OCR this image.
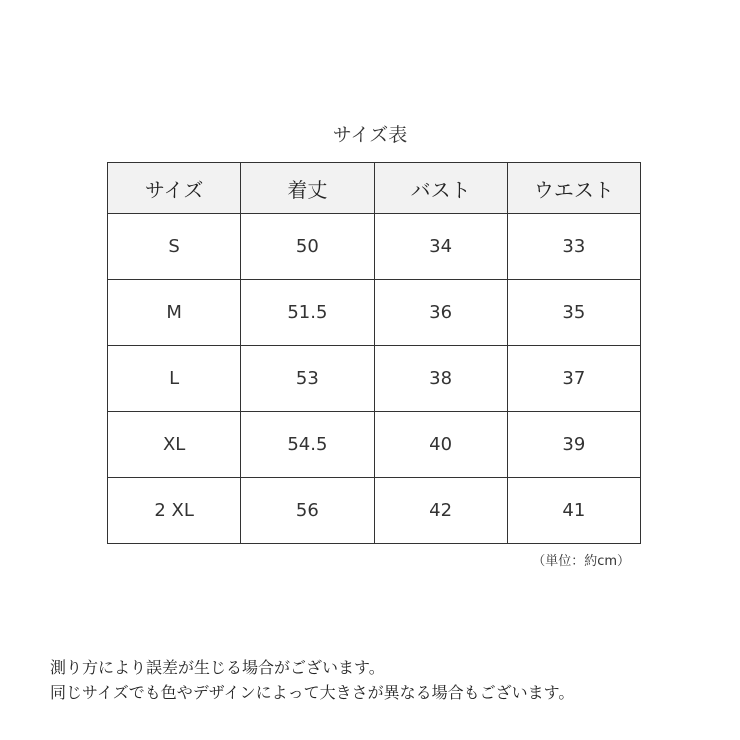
サイズ表
サイズ	着丈	バスト	ウエスト
S	50	34	33
M	51.5	36	35
L	53	38	37
XL	54.5	40	39
2 XL	56	42	41
（単位：約cm）
測り方により誤差が生じる場合がございます。
同じサイズでも色やデザインによって大きさが異なる場合もございます。
